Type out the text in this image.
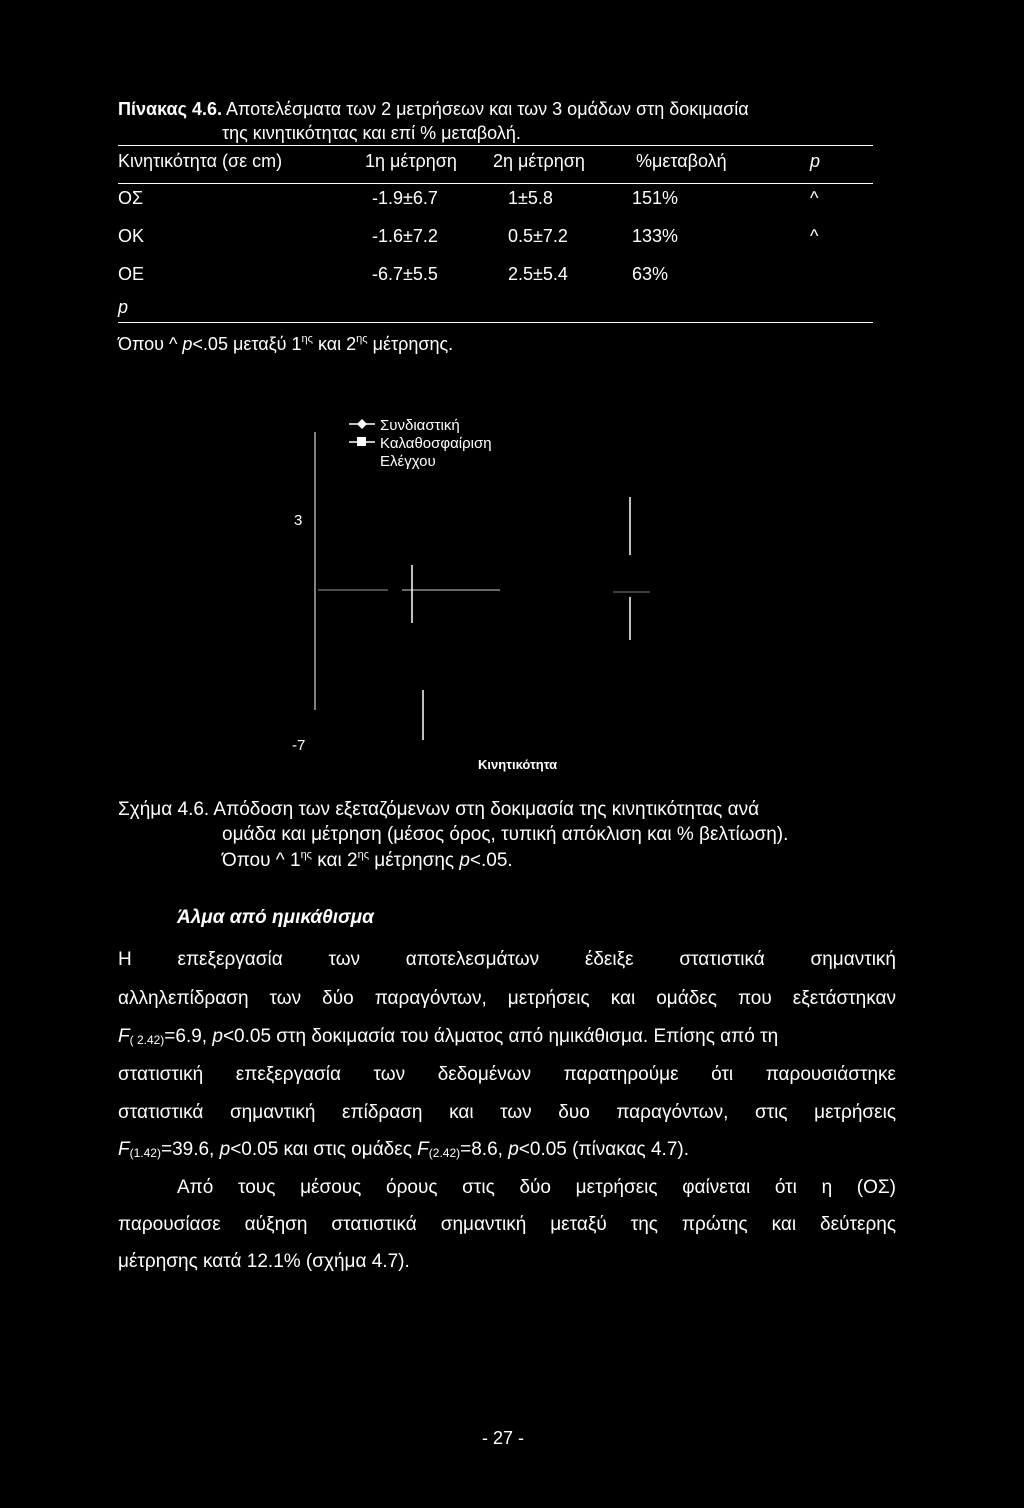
Πίνακας 4.6. Αποτελέσματα των 2 μετρήσεων και των 3 ομάδων στη δοκιμασία
της κινητικότητας και επί % μεταβολή.
Κινητικότητα (σε cm)	1η μέτρηση 2η μέτρηση	%μεταβολή	p
ΟΣ	-1.9±6.7	1±5.8	151%	^
ΟΚ	-1.6±7.2	0.5±7.2	133%	^
ΟΕ	-6.7±5.5	2.5±5.4	63%
p
Όπου ^ p<.05 μεταξύ $1^{\eta\varsigma}$ και $2^{\eta\varsigma}$ μέτρησης.
Συνδιαστική
Καλαθοσφαίριση
Ελέγχου
3
-7
Κινητικότητα
Σχήμα 4.6. Απόδοση των εξεταζόμενων στη δοκιμασία της κινητικότητας ανά
ομάδα και μέτρηση (μέσος όρος, τυπική απόκλιση και % βελτίωση).
Όπου ^ $1^{\eta\varsigma}$ και $2^{\eta\varsigma}$ μέτρησης p<.05.
Άλμα από ημικάθισμα
Η επεξεργασία των αποτελεσμάτων έδειξε στατιστικά σημαντική
αλληλεπίδραση των δύο παραγόντων, μετρήσεις και ομάδες που εξετάστηκαν
$F_{( 2.42)}=6.9$, p<0.05 στη δοκιμασία του άλματος από ημικάθισμα. Επίσης από τη
στατιστική επεξεργασία των δεδομένων παρατηρούμε ότι παρουσιάστηκε
στατιστικά σημαντική επίδραση και των δυο παραγόντων, στις μετρήσεις
$F_{(1.42)}=39.6$, p<0.05 και στις ομάδες $F_{(2.42)}=8.6$, p<0.05 (πίνακας 4.7).
Από τους μέσους όρους στις δύο μετρήσεις φαίνεται ότι η (ΟΣ)
παρουσίασε αύξηση στατιστικά σημαντική μεταξύ της πρώτης και δεύτερης
μέτρησης κατά 12.1% (σχήμα 4.7).
- 27 -
